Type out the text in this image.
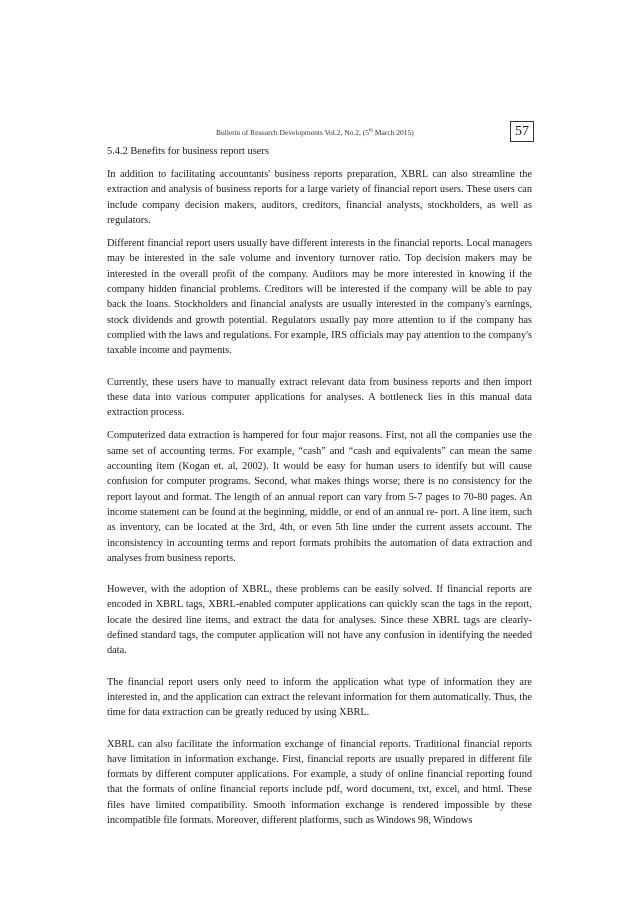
Bulletin of Research Developments Vol.2, No.2, (5th March 2015)	57
5.4.2 Benefits for business report users

In addition to facilitating accountants' business reports preparation, XBRL can also streamline the extraction and analysis of business reports for a large variety of financial report users. These users can include company decision makers, auditors, creditors, financial analysts, stockholders, as well as regulators.

Different financial report users usually have different interests in the financial reports. Local managers may be interested in the sale volume and inventory turnover ratio. Top decision makers may be interested in the overall profit of the company. Auditors may be more interested in knowing if the company hidden financial problems. Creditors will be interested if the company will be able to pay back the loans. Stockholders and financial analysts are usually interested in the company's earnings, stock dividends and growth potential. Regulators usually pay more attention to if the company has complied with the laws and regulations. For example, IRS officials may pay attention to the company's taxable income and payments.

Currently, these users have to manually extract relevant data from business reports and then import these data into various computer applications for analyses. A bottleneck lies in this manual data extraction process.

Computerized data extraction is hampered for four major reasons. First, not all the companies use the same set of accounting terms. For example, “cash” and “cash and equivalents” can mean the same accounting item (Kogan et. al, 2002). It would be easy for human users to identify but will cause confusion for computer programs. Second, what makes things worse; there is no consistency for the report layout and format. The length of an annual report can vary from 5-7 pages to 70-80 pages. An income statement can be found at the beginning, middle, or end of an annual re- port. A line item, such as inventory, can be located at the 3rd, 4th, or even 5th line under the current assets account. The inconsistency in accounting terms and report formats prohibits the automation of data extraction and analyses from business reports.

However, with the adoption of XBRL, these problems can be easily solved. If financial reports are encoded in XBRL tags, XBRL-enabled computer applications can quickly scan the tags in the report, locate the desired line items, and extract the data for analyses. Since these XBRL tags are clearly-defined standard tags, the computer application will not have any confusion in identifying the needed data.

The financial report users only need to inform the application what type of information they are interested in, and the application can extract the relevant information for them automatically. Thus, the time for data extraction can be greatly reduced by using XBRL.

XBRL can also facilitate the information exchange of financial reports. Traditional financial reports have limitation in information exchange. First, financial reports are usually prepared in different file formats by different computer applications. For example, a study of online financial reporting found that the formats of online financial reports include pdf, word document, txt, excel, and html. These files have limited compatibility. Smooth information exchange is rendered impossible by these incompatible file formats. Moreover, different platforms, such as Windows 98, Windows
